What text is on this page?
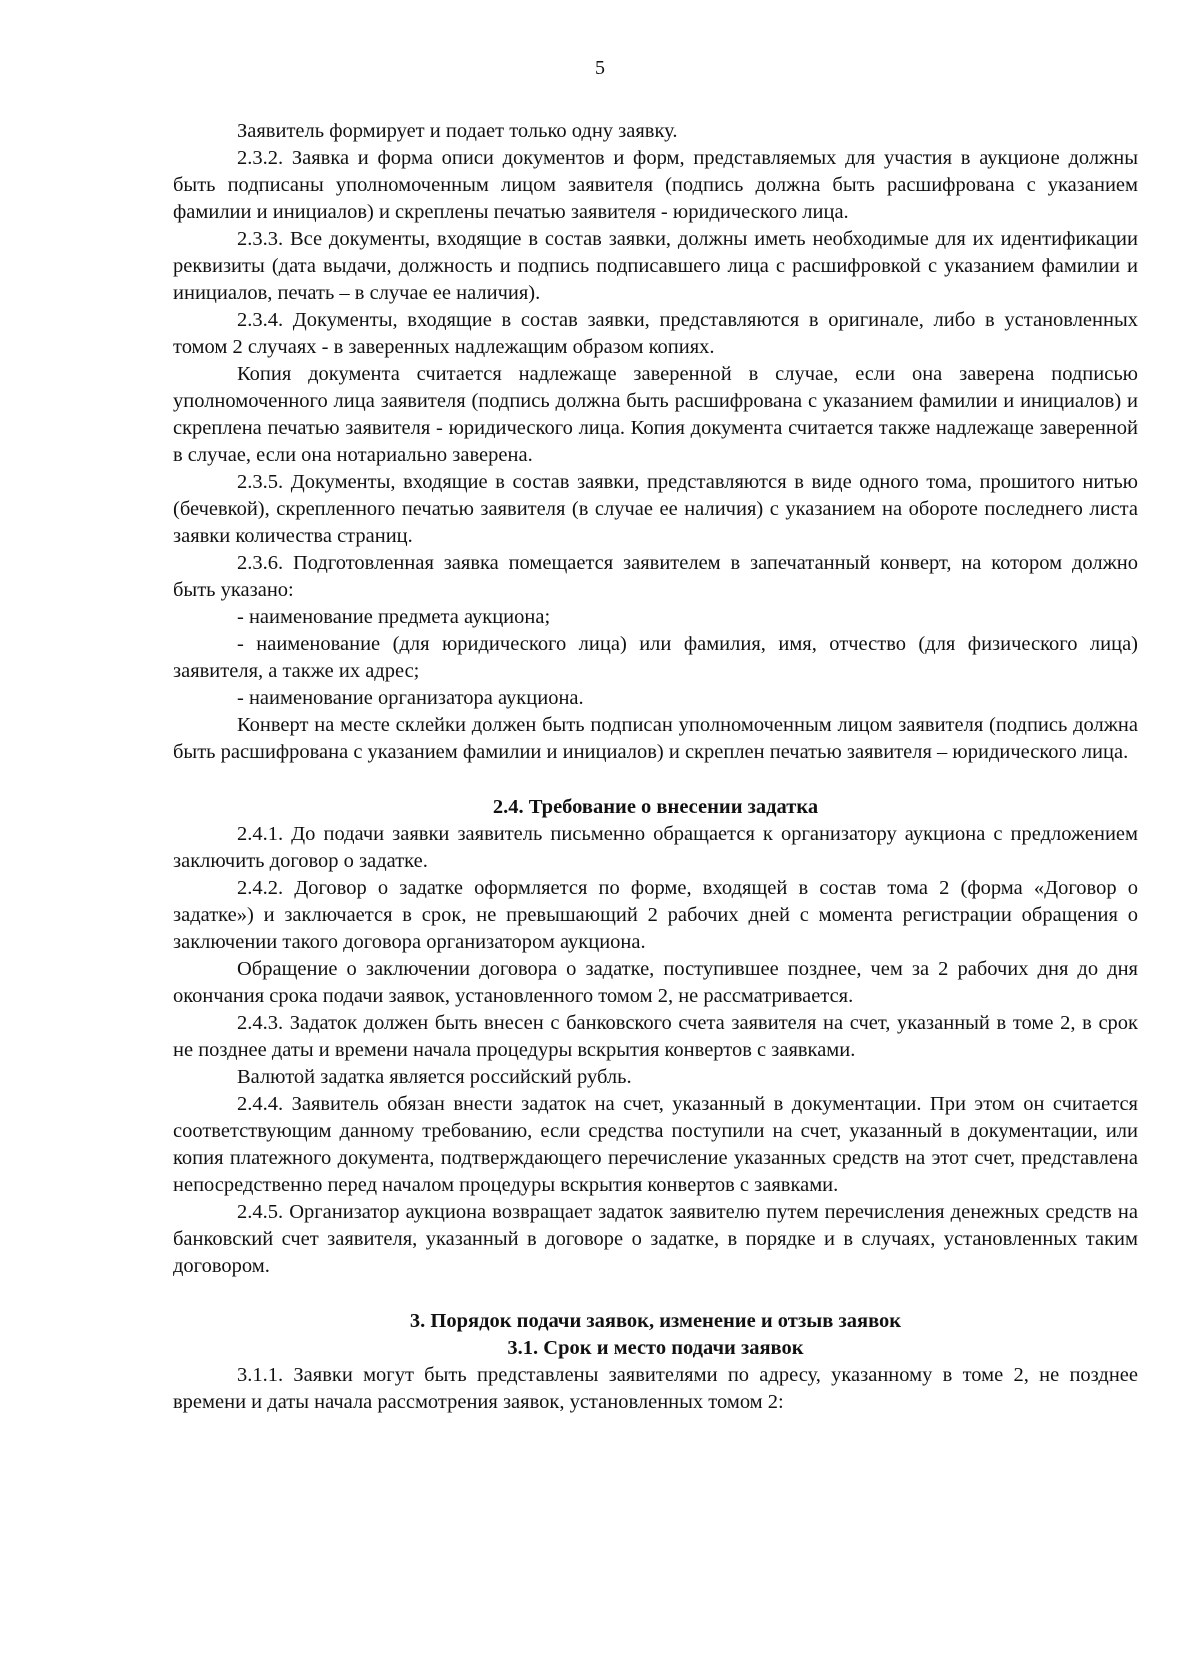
5

Заявитель формирует и подает только одну заявку.

2.3.2. Заявка и форма описи документов и форм, представляемых для участия в аукционе должны быть подписаны уполномоченным лицом заявителя (подпись должна быть расшифрована с указанием фамилии и инициалов) и скреплены печатью заявителя - юридического лица.

2.3.3. Все документы, входящие в состав заявки, должны иметь необходимые для их идентификации реквизиты (дата выдачи, должность и подпись подписавшего лица с расшифровкой с указанием фамилии и инициалов, печать – в случае ее наличия).

2.3.4. Документы, входящие в состав заявки, представляются в оригинале, либо в установленных томом 2 случаях - в заверенных надлежащим образом копиях.

Копия документа считается надлежаще заверенной в случае, если она заверена подписью уполномоченного лица заявителя (подпись должна быть расшифрована с указанием фамилии и инициалов) и скреплена печатью заявителя - юридического лица. Копия документа считается также надлежаще заверенной в случае, если она нотариально заверена.

2.3.5. Документы, входящие в состав заявки, представляются в виде одного тома, прошитого нитью (бечевкой), скрепленного печатью заявителя (в случае ее наличия) с указанием на обороте последнего листа заявки количества страниц.

2.3.6. Подготовленная заявка помещается заявителем в запечатанный конверт, на котором должно быть указано:

- наименование предмета аукциона;

- наименование (для юридического лица) или фамилия, имя, отчество (для физического лица) заявителя, а также их адрес;

- наименование организатора аукциона.

Конверт на месте склейки должен быть подписан уполномоченным лицом заявителя (подпись должна быть расшифрована с указанием фамилии и инициалов) и скреплен печатью заявителя – юридического лица.

2.4. Требование о внесении задатка

2.4.1. До подачи заявки заявитель письменно обращается к организатору аукциона с предложением заключить договор о задатке.

2.4.2. Договор о задатке оформляется по форме, входящей в состав тома 2 (форма «Договор о задатке») и заключается в срок, не превышающий 2 рабочих дней с момента регистрации обращения о заключении такого договора организатором аукциона.

Обращение о заключении договора о задатке, поступившее позднее, чем за 2 рабочих дня до дня окончания срока подачи заявок, установленного томом 2, не рассматривается.

2.4.3. Задаток должен быть внесен с банковского счета заявителя на счет, указанный в томе 2, в срок не позднее даты и времени начала процедуры вскрытия конвертов с заявками.

Валютой задатка является российский рубль.

2.4.4. Заявитель обязан внести задаток на счет, указанный в документации. При этом он считается соответствующим данному требованию, если средства поступили на счет, указанный в документации, или копия платежного документа, подтверждающего перечисление указанных средств на этот счет, представлена непосредственно перед началом процедуры вскрытия конвертов с заявками.

2.4.5. Организатор аукциона возвращает задаток заявителю путем перечисления денежных средств на банковский счет заявителя, указанный в договоре о задатке, в порядке и в случаях, установленных таким договором.

3. Порядок подачи заявок, изменение и отзыв заявок

3.1. Срок и место подачи заявок

3.1.1. Заявки могут быть представлены заявителями по адресу, указанному в томе 2, не позднее времени и даты начала рассмотрения заявок, установленных томом 2:
